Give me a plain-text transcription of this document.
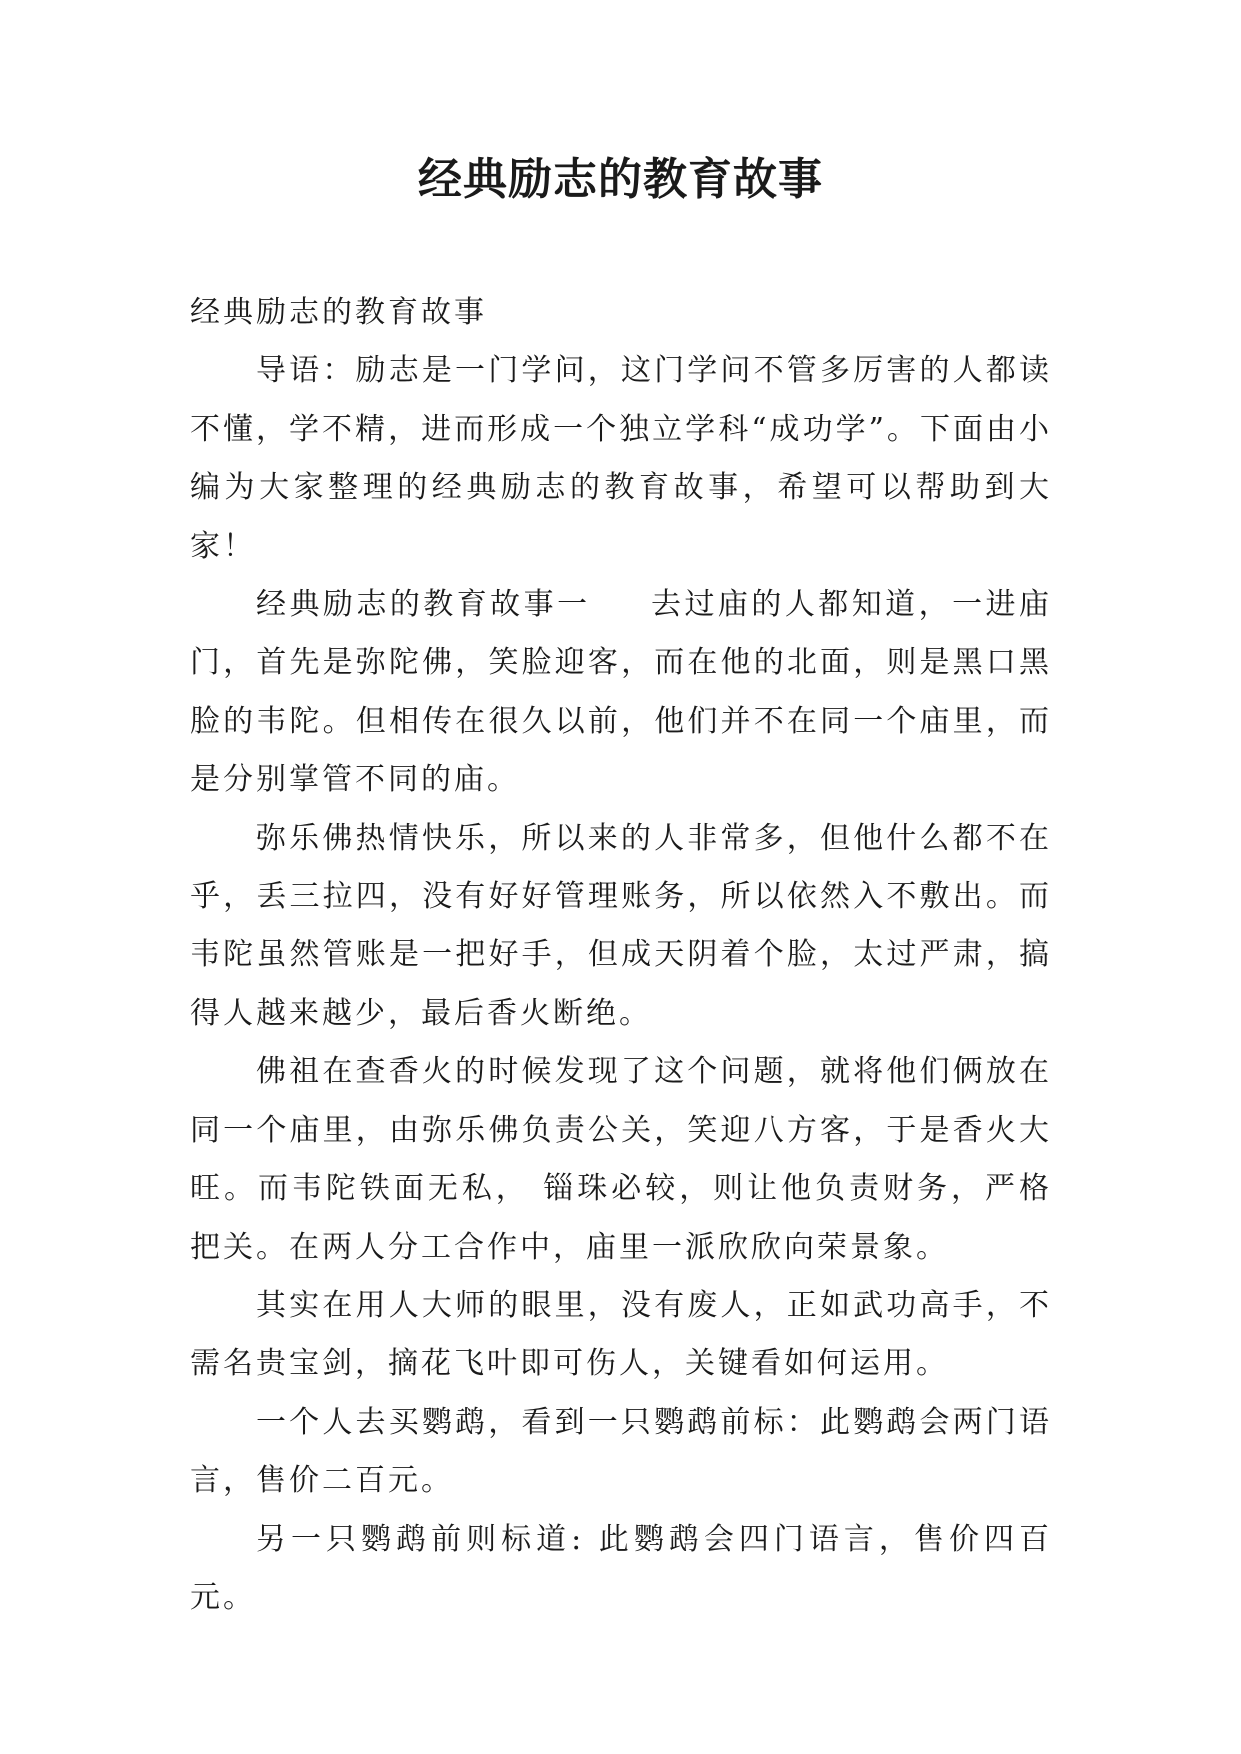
经典励志的教育故事

经典励志的教育故事

导语：励志是一门学问，这门学问不管多厉害的人都读不懂，学不精，进而形成一个独立学科“成功学”。下面由小编为大家整理的经典励志的教育故事，希望可以帮助到大家！

经典励志的教育故事一 去过庙的人都知道，一进庙门，首先是弥陀佛，笑脸迎客，而在他的北面，则是黑口黑脸的韦陀。但相传在很久以前，他们并不在同一个庙里，而是分别掌管不同的庙。

弥乐佛热情快乐，所以来的人非常多，但他什么都不在乎，丢三拉四，没有好好管理账务，所以依然入不敷出。而韦陀虽然管账是一把好手，但成天阴着个脸，太过严肃，搞得人越来越少，最后香火断绝。

佛祖在查香火的时候发现了这个问题，就将他们俩放在同一个庙里，由弥乐佛负责公关，笑迎八方客，于是香火大旺。而韦陀铁面无私， 锱珠必较，则让他负责财务，严格把关。在两人分工合作中，庙里一派欣欣向荣景象。

其实在用人大师的眼里，没有废人，正如武功高手，不需名贵宝剑，摘花飞叶即可伤人，关键看如何运用。

一个人去买鹦鹉，看到一只鹦鹉前标：此鹦鹉会两门语言，售价二百元。

另一只鹦鹉前则标道: 此鹦鹉会四门语言，售价四百元。
